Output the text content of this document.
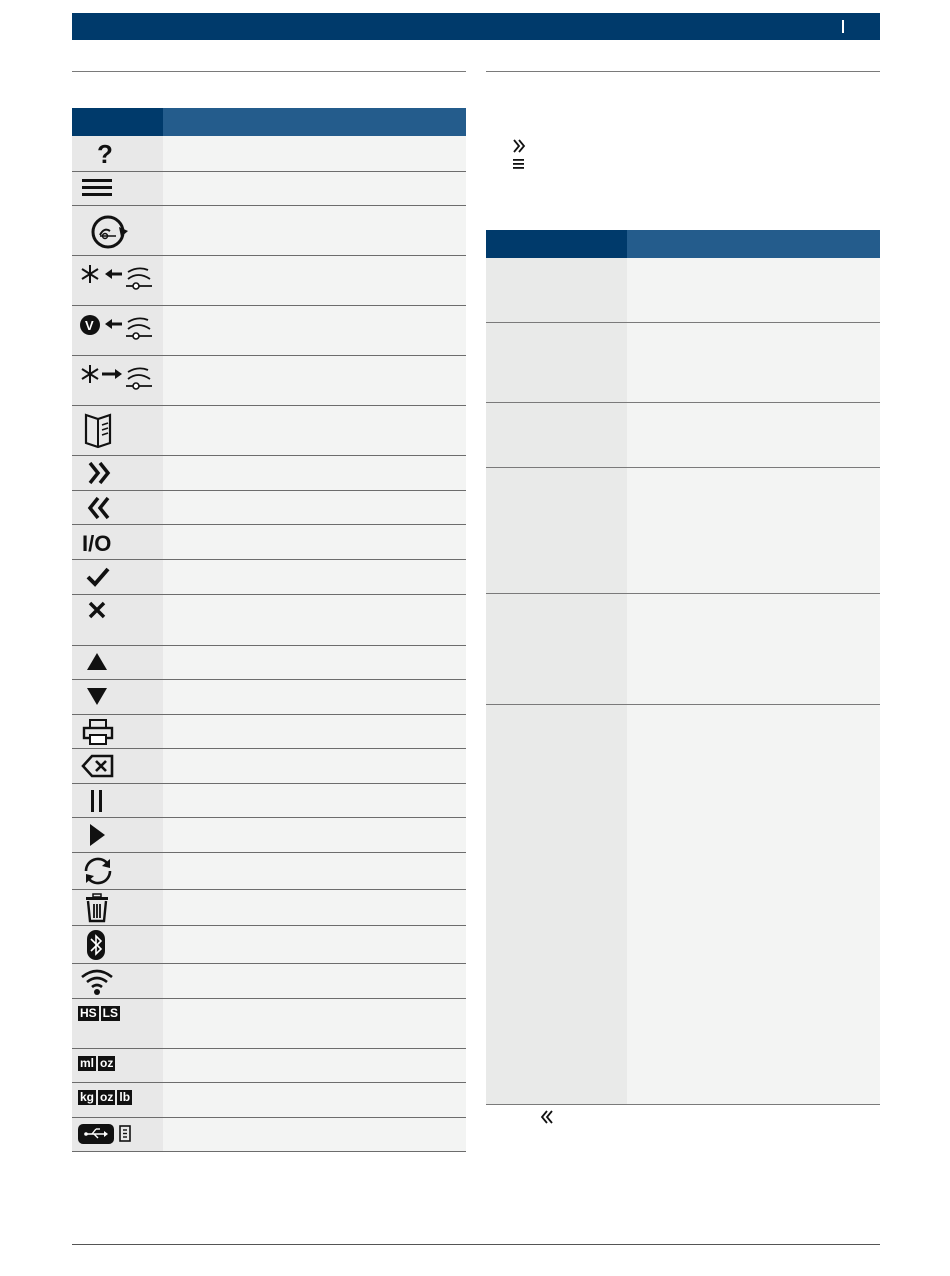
?
V
I/O
HS LS
ml oz
kg oz lb
